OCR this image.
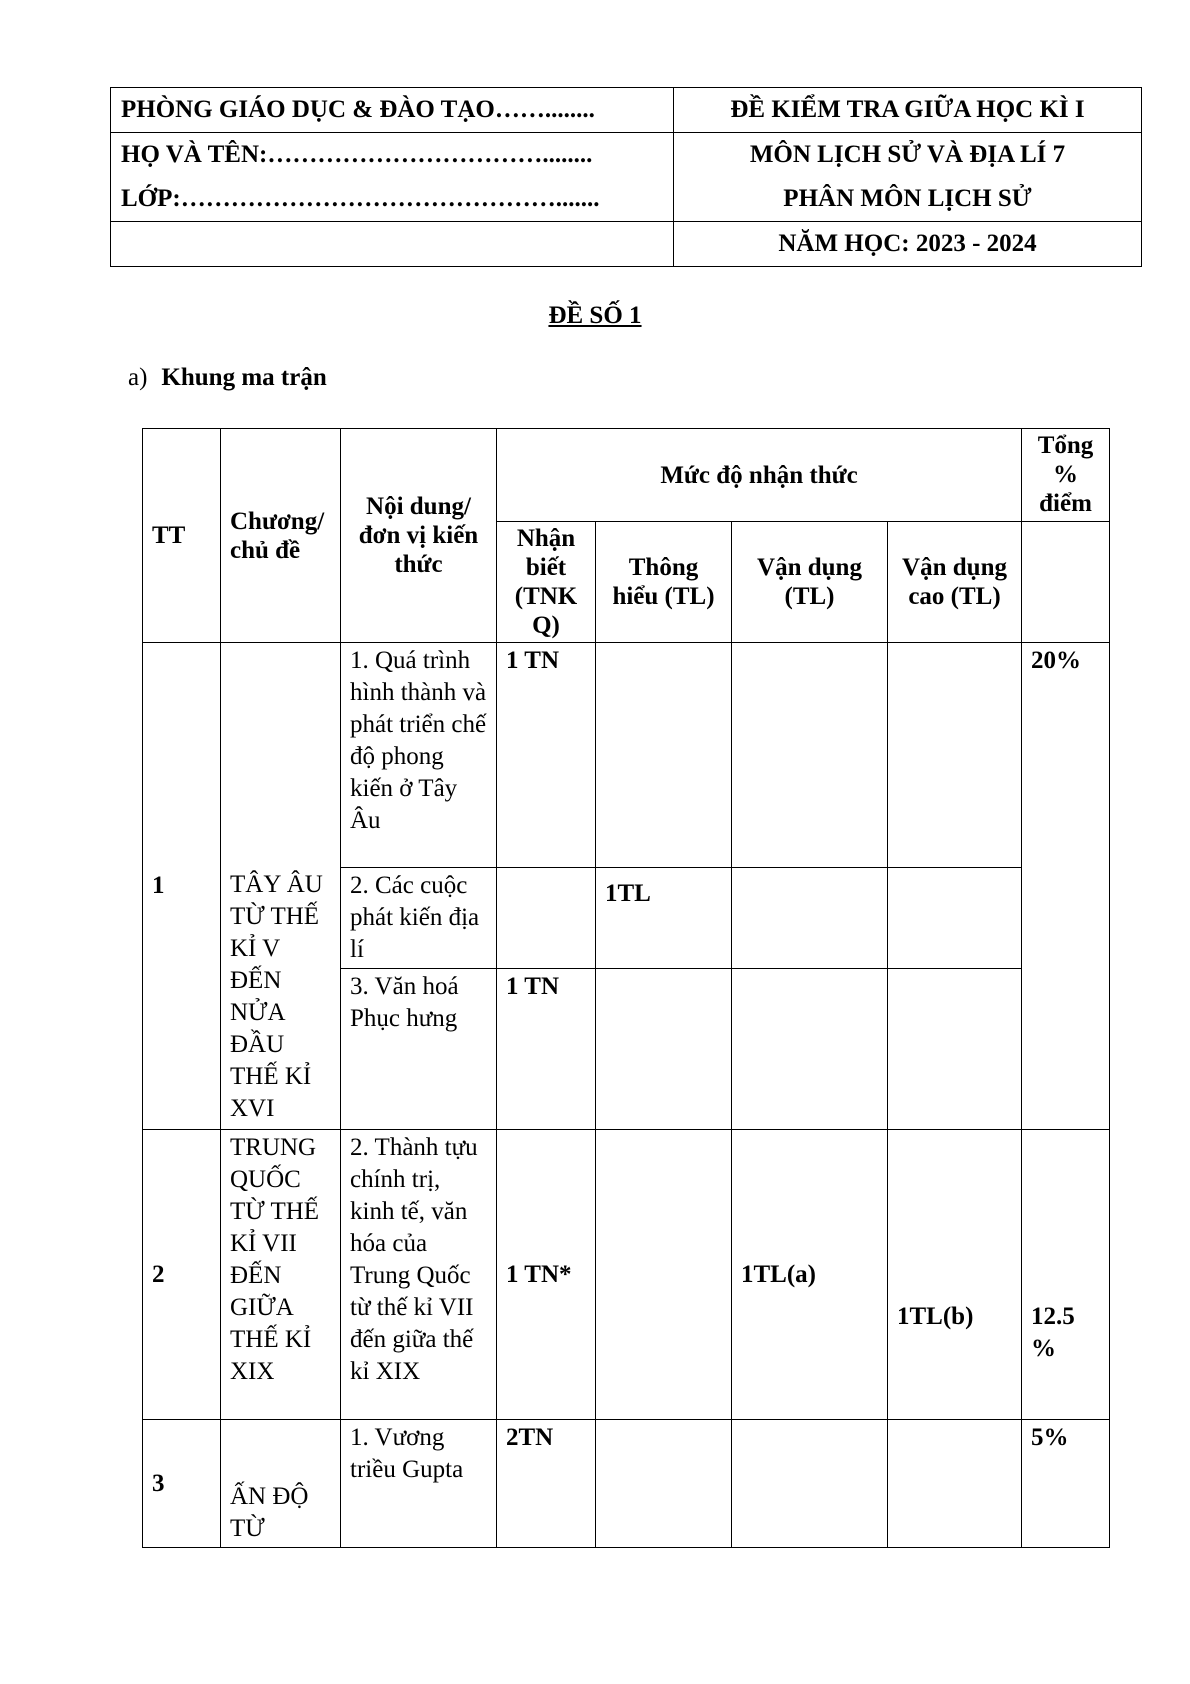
PHÒNG GIÁO DỤC & ĐÀO TẠO……........	ĐỀ KIỂM TRA GIỮA HỌC KÌ I
HỌ VÀ TÊN:……………………………........	MÔN LỊCH SỬ VÀ ĐỊA LÍ 7
LỚP:……………………………………….......	PHÂN MÔN LỊCH SỬ
	NĂM HỌC: 2023 - 2024
ĐỀ SỐ 1
a) Khung ma trận
TT	Chương/ chủ đề	Nội dung/đơn vị kiến thức	Mức độ nhận thức				Tổng % điểm
			Nhận biết (TNK Q)	Thông hiểu (TL)	Vận dụng (TL)	Vận dụng cao (TL)	
1	TÂY ÂU TỪ THẾ KỈ V ĐẾN NỬA ĐẦU THẾ KỈ XVI	1. Quá trình hình thành và phát triển chế độ phong kiến ở Tây Âu	1 TN				20%
		2. Các cuộc phát kiến địa lí		1TL			
		3. Văn hoá Phục hưng	1 TN				
2	TRUNG QUỐC TỪ THẾ KỈ VII ĐẾN GIỮA THẾ KỈ XIX	2. Thành tựu chính trị, kinh tế, văn hóa của Trung Quốc từ thế kỉ VII đến giữa thế kỉ XIX	1 TN*		1TL(a)	1TL(b)	12.5 %
3	ẤN ĐỘ TỪ	1. Vương triều Gupta	2TN				5%
